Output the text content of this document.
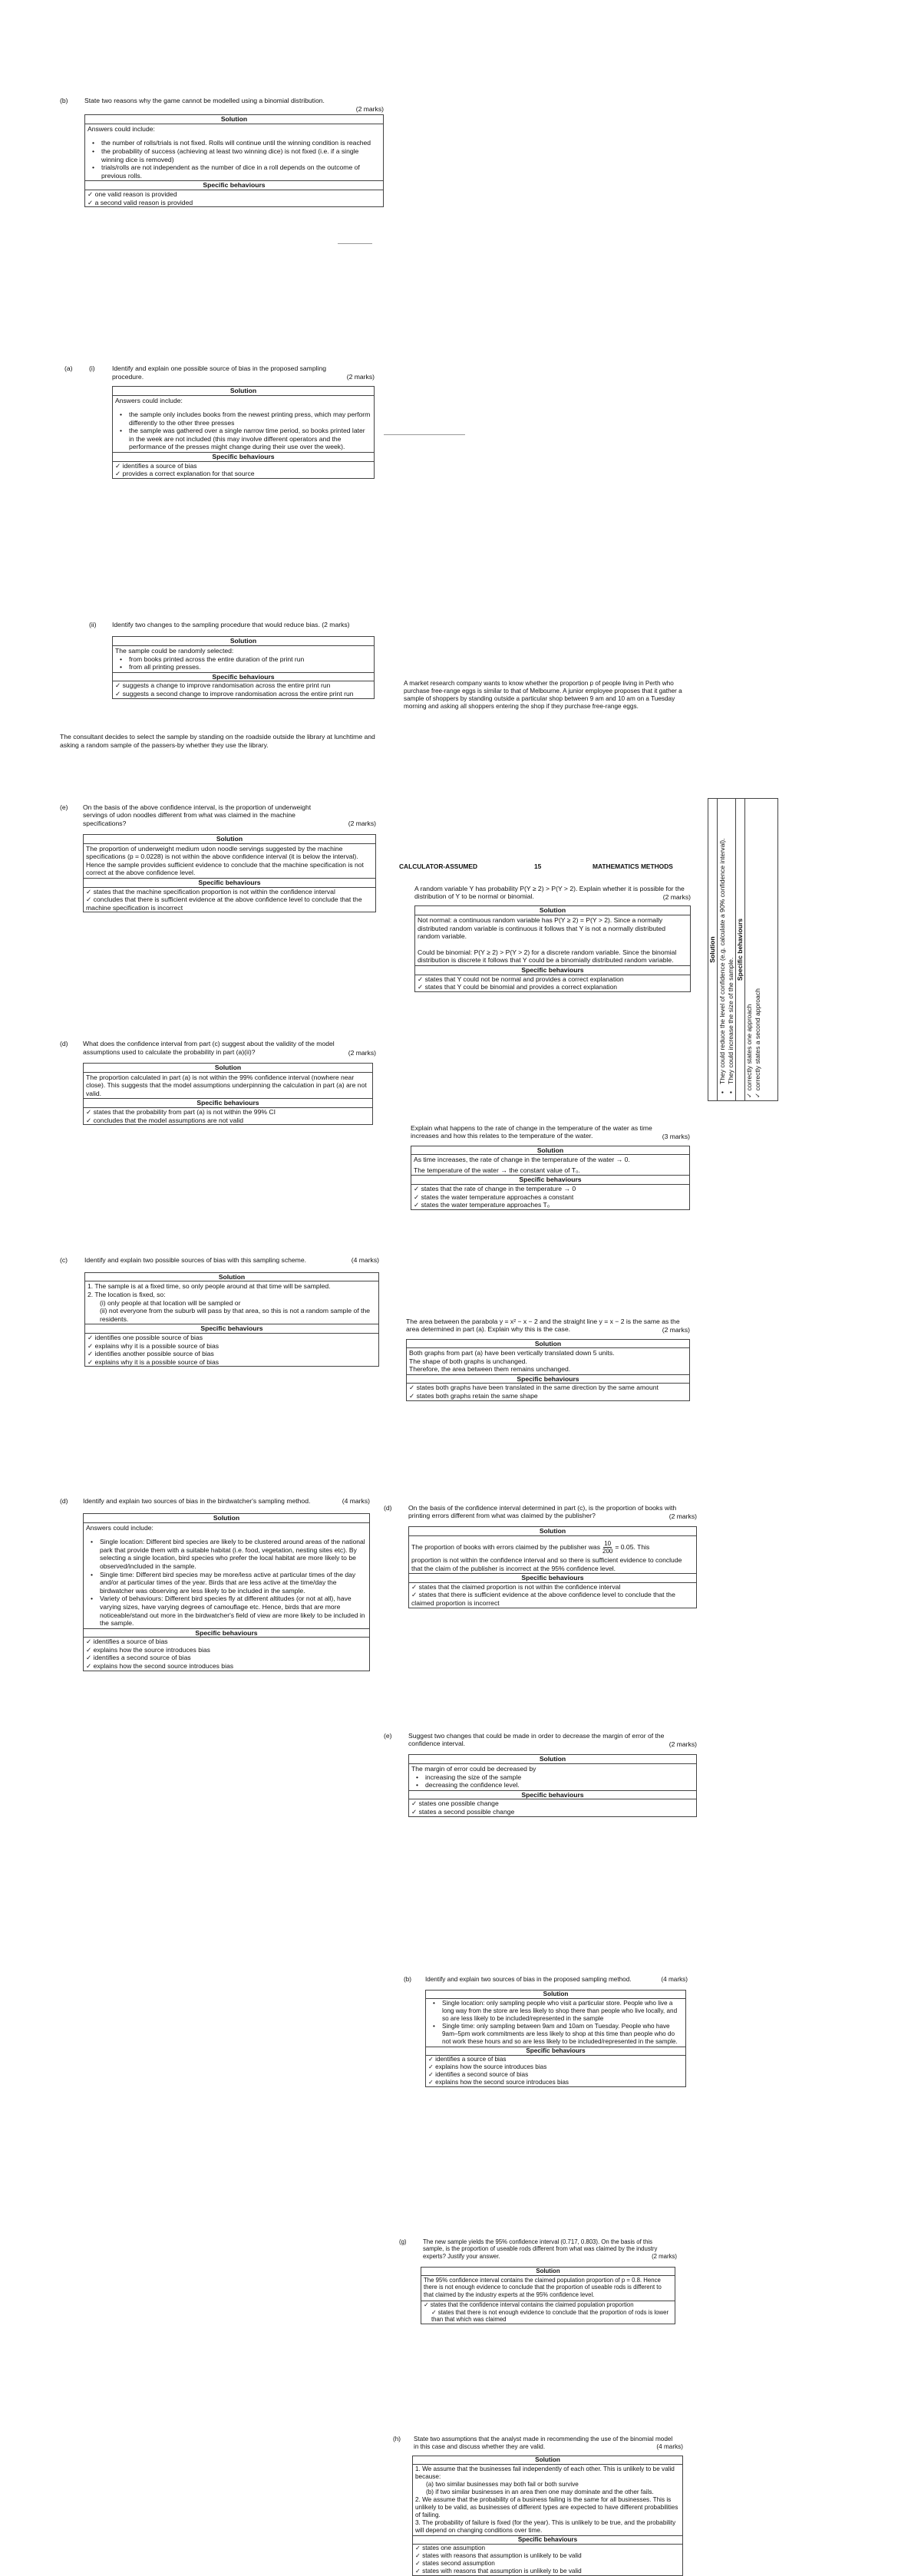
(b) State two reasons why the game cannot be modelled using a binomial distribution.
(2 marks)
Solution
Answers could include:
• the number of rolls/trials is not fixed. Rolls will continue until the winning condition is reached
• the probability of success (achieving at least two winning dice) is not fixed (i.e. if a single winning dice is removed)
• trials/rolls are not independent as the number of dice in a roll depends on the outcome of previous rolls.
Specific behaviours
✓ one valid reason is provided
✓ a second valid reason is provided
(a) (i)	Identify and explain one possible source of bias in the proposed sampling procedure.	(2 marks)
Solution
Answers could include:
• the sample only includes books from the newest printing press, which may perform differently to the other three presses
• the sample was gathered over a single narrow time period, so books printed later in the week are not included (this may involve different operators and the performance of the presses might change during their use over the week).
Specific behaviours
✓ identifies a source of bias
✓ provides a correct explanation for that source
(ii) Identify two changes to the sampling procedure that would reduce bias. (2 marks)
Solution
The sample could be randomly selected:
• from books printed across the entire duration of the print run
• from all printing presses.
Specific behaviours
✓ suggests a change to improve randomisation across the entire print run
✓ suggests a second change to improve randomisation across the entire print run
(e) On the basis of the above confidence interval, is the proportion of underweight servings of udon noodles different from what was claimed in the machine specifications?	(2 marks)
Solution
The proportion of underweight medium udon noodle servings suggested by the machine specifications (p = 0.0228) is not within the above confidence interval (it is below the interval). Hence the sample provides sufficient evidence to conclude that the machine specification is not correct at the above confidence level.
Specific behaviours
✓ states that the machine specification proportion is not within the confidence interval
✓ concludes that there is sufficient evidence at the above confidence level to conclude that the machine specification is incorrect
(d) What does the confidence interval from part (c) suggest about the validity of the model assumptions used to calculate the probability in part (a)(ii)?	(2 marks)
Solution
The proportion calculated in part (a) is not within the 99% confidence interval (nowhere near close). This suggests that the model assumptions underpinning the calculation in part (a) are not valid.
Specific behaviours
✓ states that the probability from part (a) is not within the 99% CI
✓ concludes that the model assumptions are not valid
The consultant decides to select the sample by standing on the roadside outside the library at lunchtime and asking a random sample of the passers-by whether they use the library.
(c)	Identify and explain two possible sources of bias with this sampling scheme.	(4 marks)
Solution
1. The sample is at a fixed time, so only people around at that time will be sampled.
2. The location is fixed, so:
(i) only people at that location will be sampled or
(ii) not everyone from the suburb will pass by that area, so this is not a random sample of the residents.
Specific behaviours
✓ identifies one possible source of bias
✓ explains why it is a possible source of bias
✓ identifies another possible source of bias
✓ explains why it is a possible source of bias
(d) Identify and explain two sources of bias in the birdwatcher's sampling method.	(4 marks)
Solution
Answers could include:
• Single location: Different bird species are likely to be clustered around areas of the national park that provide them with a suitable habitat (i.e. food, vegetation, nesting sites etc). By selecting a single location, bird species who prefer the local habitat are more likely to be observed/included in the sample.
• Single time: Different bird species may be more/less active at particular times of the day and/or at particular times of the year. Birds that are less active at the time/day the birdwatcher was observing are less likely to be included in the sample.
• Variety of behaviours: Different bird species fly at different altitudes (or not at all), have varying sizes, have varying degrees of camouflage etc. Hence, birds that are more noticeable/stand out more in the birdwatcher's field of view are more likely to be included in the sample.
Specific behaviours
✓ identifies a source of bias
✓ explains how the source introduces bias
✓ identifies a second source of bias
✓ explains how the second source introduces bias
A random variable Y has probability P(Y ≥ 2) > P(Y > 2). Explain whether it is possible for the distribution of Y to be normal or binomial.	(2 marks)
Solution
Not normal: a continuous random variable has P(Y ≥ 2) = P(Y > 2). Since a normally distributed random variable is continuous it follows that Y is not a normally distributed random variable.
Could be binomial: P(Y ≥ 2) > P(Y > 2) for a discrete random variable. Since the binomial distribution is discrete it follows that Y could be a binomially distributed random variable.
Specific behaviours
✓ states that Y could not be normal and provides a correct explanation
✓ states that Y could be binomial and provides a correct explanation
Explain what happens to the rate of change in the temperature of the water as time increases and how this relates to the temperature of the water.	(3 marks)
Solution
As time increases, the rate of change in the temperature of the water → 0.
The temperature of the water → the constant value of T₀.
Specific behaviours
✓ states that the rate of change in the temperature → 0
✓ states the water temperature approaches a constant
✓ states the water temperature approaches T₀
The area between the parabola y = x² − x − 2 and the straight line y = x − 2 is the same as the area determined in part (a). Explain why this is the case.	(2 marks)
Solution
Both graphs from part (a) have been vertically translated down 5 units.
The shape of both graphs is unchanged.
Therefore, the area between them remains unchanged.
Specific behaviours
✓ states both graphs have been translated in the same direction by the same amount
✓ states both graphs retain the same shape
(d) On the basis of the confidence interval determined in part (c), is the proportion of books with printing errors different from what was claimed by the publisher?	(2 marks)
Solution
The proportion of books with errors claimed by the publisher was $\frac{10}{200} = 0.05$. This
proportion is not within the confidence interval and so there is sufficient evidence to conclude that the claim of the publisher is incorrect at the 95% confidence level.
Specific behaviours
✓ states that the claimed proportion is not within the confidence interval
✓ states that there is sufficient evidence at the above confidence level to conclude that the claimed proportion is incorrect
(e) Suggest two changes that could be made in order to decrease the margin of error of the confidence interval.	(2 marks)
Solution
The margin of error could be decreased by
• increasing the size of the sample
• decreasing the confidence level.
Specific behaviours
✓ states one possible change
✓ states a second possible change
A market research company wants to know whether the proportion p of people living in Perth who purchase free-range eggs is similar to that of Melbourne. A junior employee proposes that it gather a sample of shoppers by standing outside a particular shop between 9 am and 10 am on a Tuesday morning and asking all shoppers entering the shop if they purchase free-range eggs.
(b) Identify and explain two sources of bias in the proposed sampling method.	(4 marks)
Solution
• Single location: only sampling people who visit a particular store. People who live a long way from the store are less likely to shop there than people who live locally, and so are less likely to be included/represented in the sample
• Single time: only sampling between 9am and 10am on Tuesday. People who have 9am–5pm work commitments are less likely to shop at this time than people who do not work these hours and so are less likely to be included/represented in the sample.
Specific behaviours
✓ identifies a source of bias
✓ explains how the source introduces bias
✓ identifies a second source of bias
✓ explains how the second source introduces bias
CALCULATOR-ASSUMED	15	MATHEMATICS METHODS
(g)	The new sample yields the 95% confidence interval (0.717, 0.803). On the basis of this sample, is the proportion of useable rods different from what was claimed by the industry experts? Justify your answer.	(2 marks)
Solution
The 95% confidence interval contains the claimed population proportion of p = 0.8. Hence there is not enough evidence to conclude that the proportion of useable rods is different to that claimed by the industry experts at the 95% confidence level.
✓ states that the confidence interval contains the claimed population proportion
✓ states that there is not enough evidence to conclude that the proportion of rods is lower than that which was claimed
(h) State two assumptions that the analyst made in recommending the use of the binomial model in this case and discuss whether they are valid.	(4 marks)
Solution
1. We assume that the businesses fail independently of each other. This is unlikely to be valid because:
(a) two similar businesses may both fail or both survive
(b) if two similar businesses in an area then one may dominate and the other fails.
2. We assume that the probability of a business failing is the same for all businesses. This is unlikely to be valid, as businesses of different types are expected to have different probabilities of failing.
3. The probability of failure is fixed (for the year). This is unlikely to be true, and the probability will depend on changing conditions over time.
Specific behaviours
✓ states one assumption
✓ states with reasons that assumption is unlikely to be valid
✓ states second assumption
✓ states with reasons that assumption is unlikely to be valid
Solution • They could reduce the level of confidence (e.g. calculate a 90% confidence interval). • They could increase the size of the sample.
Specific behaviours
✓ correctly states one approach ✓ correctly states a second approach
